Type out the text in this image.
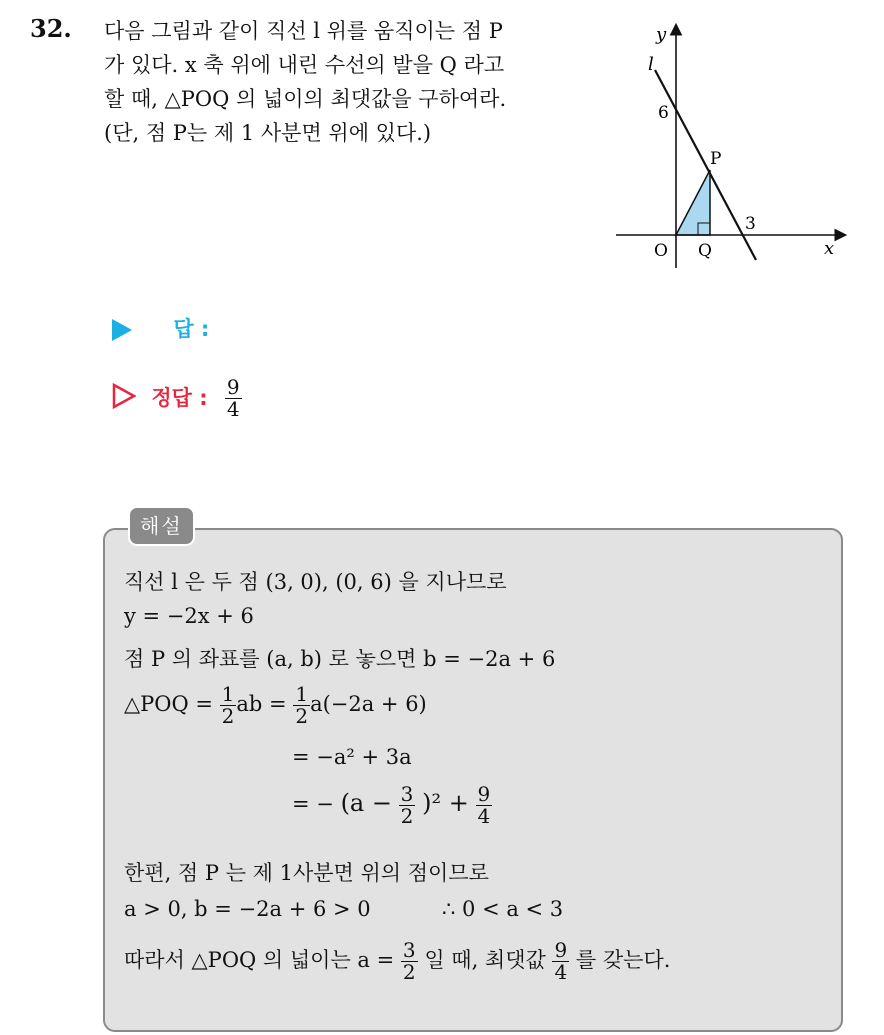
32. 다음 그림과 같이 직선 l 위를 움직이는 점 P
가 있다. x 축 위에 내린 수선의 발을 Q 라고
할 때, △POQ 의 넓이의 최댓값을 구하여라.
(단, 점 P는 제 1 사분면 위에 있다.)
y
l
6
P
3
O Q	x
답 :
정답 : $\frac{9}{4}$
해설
직선 l 은 두 점 (3, 0), (0, 6) 을 지나므로
y = −2x + 6
점 P 의 좌표를 (a, b) 로 놓으면 b = −2a + 6
△POQ = $\frac{1}{2}$ ab = $\frac{1}{2} a(-2a + 6)$
= −a² + 3a
= − $(a - \frac{3}{2} )^2 + \frac{9}{4}$
한편, 점 P 는 제 1사분면 위의 점이므로
a > 0, b = −2a + 6 > 0	∴ 0 < a < 3
따라서 △POQ 의 넓이는 $a = \frac{3}{2}$ 일 때, 최댓값 $\frac{9}{4}$ 를 갖는다.
